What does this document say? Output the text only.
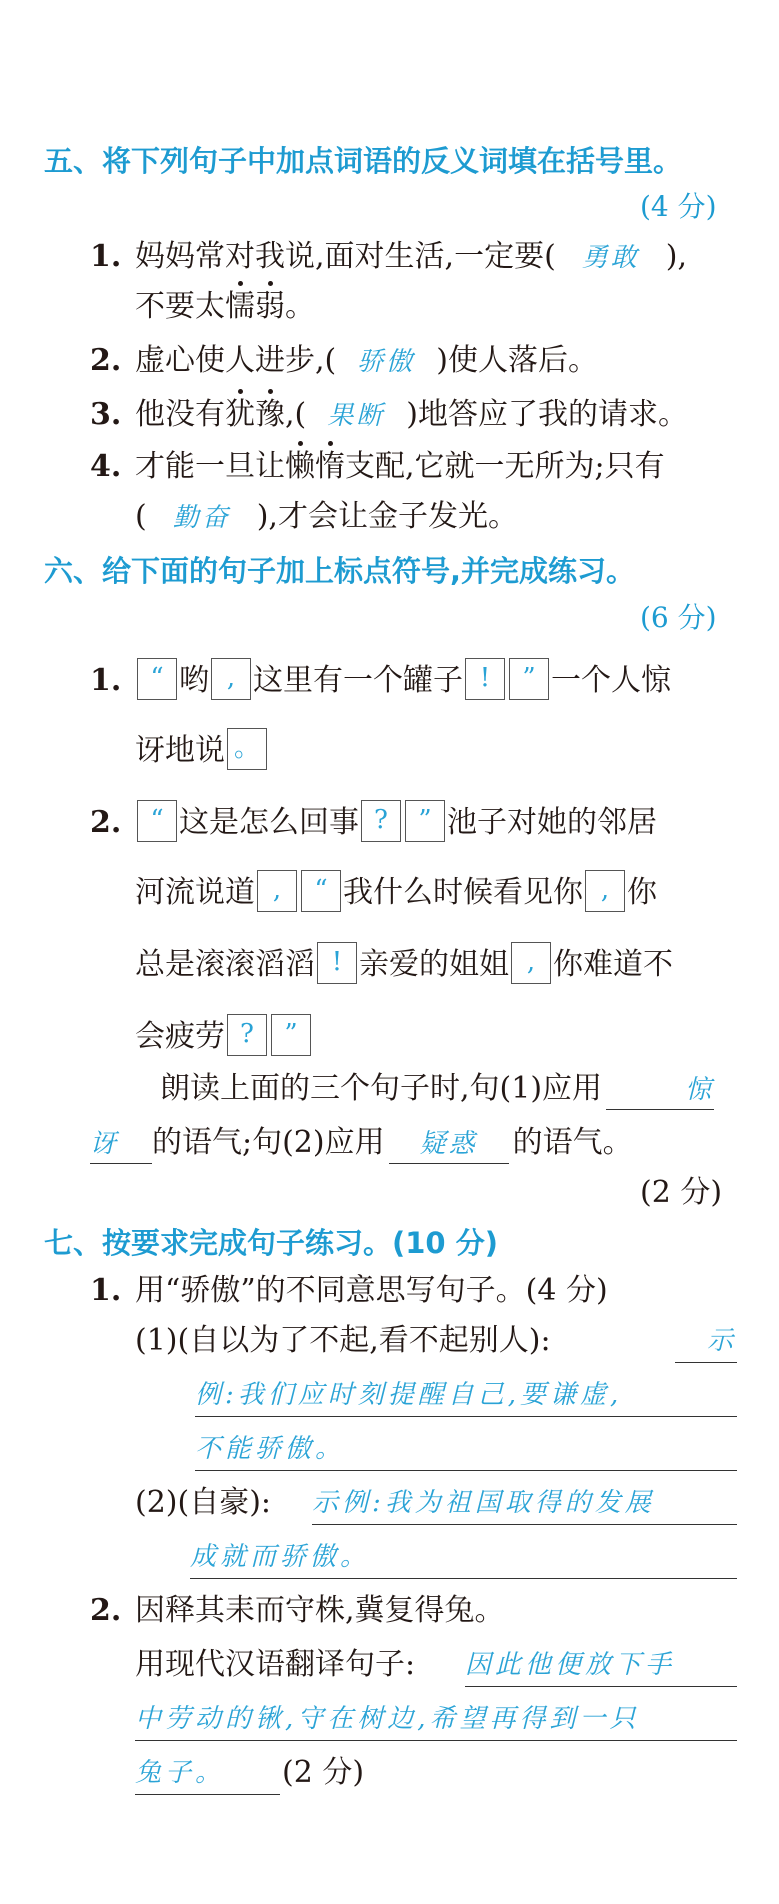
五、将下列句子中加点词语的反义词填在括号里。
(4 分)
1. 妈妈常对我说,面对生活,一定要( 勇敢 ),
不要太懦弱。
2. 虚心使人进步,( 骄傲 )使人落后。
3. 他没有犹豫,( 果断 )地答应了我的请求。
4. 才能一旦让懒惰支配,它就一无所为;只有
( 勤奋 ),才会让金子发光。
六、给下面的句子加上标点符号,并完成练习。
(6 分)
1. “ 哟 , 这里有一个罐子 ! ” 一个人惊
讶地说 。
2. “ 这是怎么回事 ? ” 池子对她的邻居
河流说道 , “ 我什么时候看见你 , 你
总是滚滚滔滔 ! 亲爱的姐姐 , 你难道不
会疲劳 ? ”
朗读上面的三个句子时,句(1)应用	惊
讶 的语气;句(2)应用 疑惑 的语气。
(2 分)
七、按要求完成句子练习。(10 分)
1. 用“骄傲”的不同意思写句子。(4 分)
(1)(自以为了不起,看不起别人):	示
例:我们应时刻提醒自己,要谦虚,
不能骄傲。
(2)(自豪): 示例:我为祖国取得的发展
成就而骄傲。
2. 因释其耒而守株,冀复得兔。
用现代汉语翻译句子: 因此他便放下手
中劳动的锹,守在树边,希望再得到一只
兔子。	(2 分)
